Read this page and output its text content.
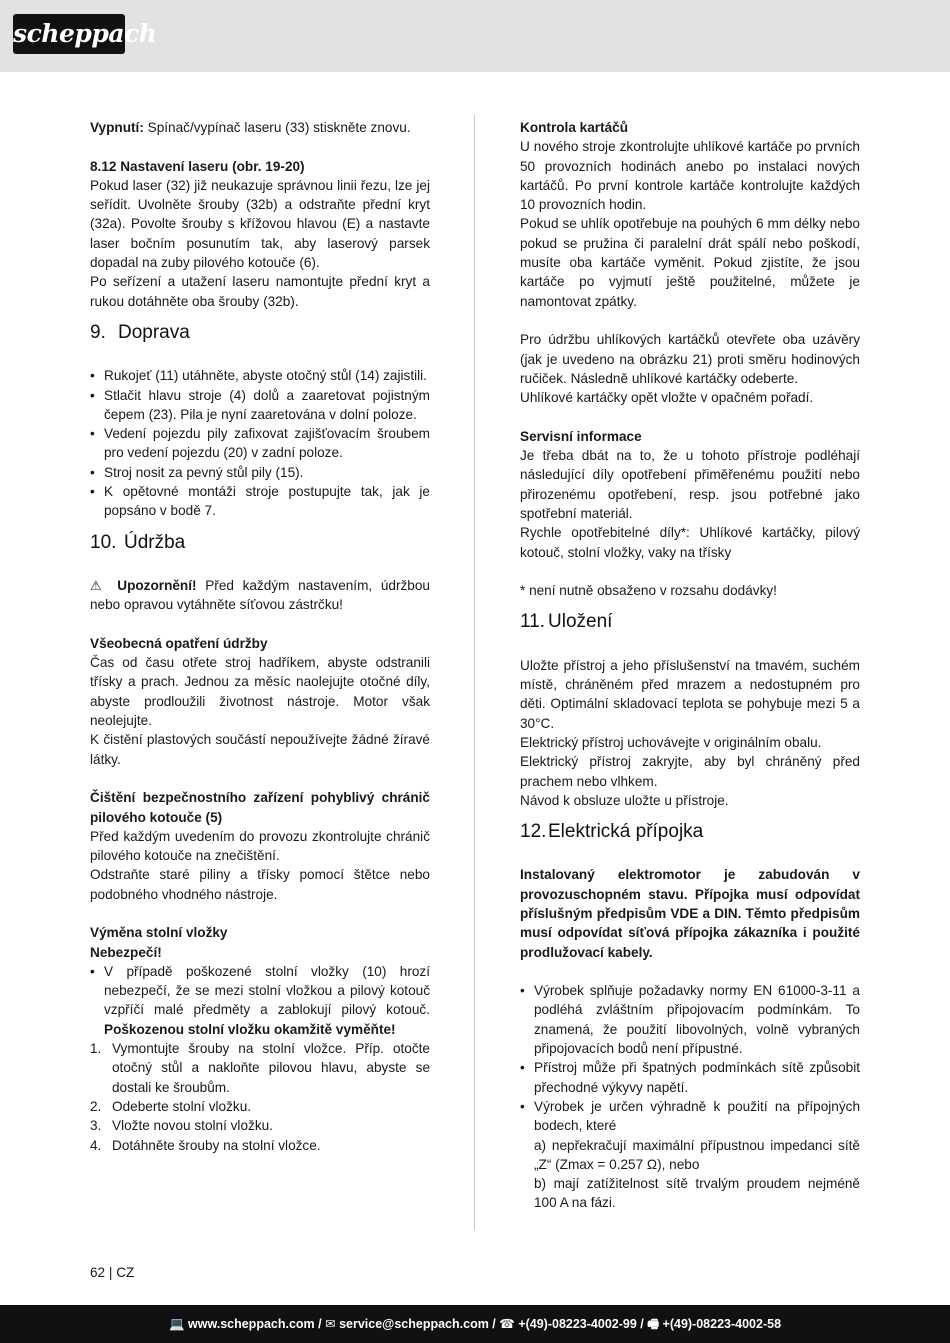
scheppach

Vypnutí: Spínač/vypínač laseru (33) stiskněte znovu.

8.12 Nastavení laseru (obr. 19-20)

Pokud laser (32) již neukazuje správnou linii řezu, lze jej seřídit. Uvolněte šrouby (32b) a odstraňte přední kryt (32a). Povolte šrouby s křížovou hlavou (E) a nastavte laser bočním posunutím tak, aby laserový parsek dopadal na zuby pilového kotouče (6).

Po seřízení a utažení laseru namontujte přední kryt a rukou dotáhněte oba šrouby (32b).

9. Doprava
• Rukojeť (11) utáhněte, abyste otočný stůl (14) zajistili.
• Stlačit hlavu stroje (4) dolů a zaaretovat pojistným čepem (23). Pila je nyní zaaretována v dolní poloze.
• Vedení pojezdu pily zafixovat zajišťovacím šroubem pro vedení pojezdu (20) v zadní poloze.
• Stroj nosit za pevný stůl pily (15).
• K opětovné montáži stroje postupujte tak, jak je popsáno v bodě 7.
10. Údržba

⚠ Upozornění! Před každým nastavením, údržbou nebo opravou vytáhněte síťovou zástrčku!

Všeobecná opatření údržby

Čas od času otřete stroj hadříkem, abyste odstranili třísky a prach. Jednou za měsíc naolejujte otočné díly, abyste prodloužili životnost nástroje. Motor však neolejujte.

K čistění plastových součástí nepoužívejte žádné žíravé látky.

Čištění bezpečnostního zařízení pohyblivý chránič pilového kotouče (5)

Před každým uvedením do provozu zkontrolujte chránič pilového kotouče na znečištění.

Odstraňte staré piliny a třísky pomocí štětce nebo podobného vhodného nástroje.

Výměna stolní vložky

Nebezpečí!

• V případě poškozené stolní vložky (10) hrozí nebezpečí, že se mezi stolní vložkou a pilový kotouč vzpříčí malé předměty a zablokují pilový kotouč. Poškozenou stolní vložku okamžitě vyměňte!
1. Vymontujte šrouby na stolní vložce. Příp. otočte otočný stůl a nakloňte pilovou hlavu, abyste se dostali ke šroubům.
2. Odeberte stolní vložku.
3. Vložte novou stolní vložku.
4. Dotáhněte šrouby na stolní vložce.

Kontrola kartáčů

U nového stroje zkontrolujte uhlíkové kartáče po prvních 50 provozních hodinách anebo po instalaci nových kartáčů. Po první kontrole kartáče kontrolujte každých 10 provozních hodin.

Pokud se uhlík opotřebuje na pouhých 6 mm délky nebo pokud se pružina či paralelní drát spálí nebo poškodí, musíte oba kartáče vyměnit. Pokud zjistíte, že jsou kartáče po vyjmutí ještě použitelné, můžete je namontovat zpátky.

Pro údržbu uhlíkových kartáčků otevřete oba uzávěry (jak je uvedeno na obrázku 21) proti směru hodinových ručiček. Následně uhlíkové kartáčky odeberte.

Uhlíkové kartáčky opět vložte v opačném pořadí.

Servisní informace

Je třeba dbát na to, že u tohoto přístroje podléhají následující díly opotřebení přiměřenému použití nebo přirozenému opotřebení, resp. jsou potřebné jako spotřební materiál.

Rychle opotřebitelné díly*: Uhlíkové kartáčky, pilový kotouč, stolní vložky, vaky na třísky

* není nutně obsaženo v rozsahu dodávky!

11. Uložení

Uložte přístroj a jeho příslušenství na tmavém, suchém místě, chráněném před mrazem a nedostupném pro děti. Optimální skladovací teplota se pohybuje mezi 5 a 30°C.

Elektrický přístroj uchovávejte v originálním obalu.

Elektrický přístroj zakryjte, aby byl chráněný před prachem nebo vlhkem.

Návod k obsluze uložte u přístroje.

12.Elektrická přípojka

Instalovaný elektromotor je zabudován v provozuschopném stavu. Přípojka musí odpovídat příslušným předpisům VDE a DIN. Těmto předpisům musí odpovídat síťová přípojka zákazníka i použité prodlužovací kabely.

• Výrobek splňuje požadavky normy EN 61000-3-11 a podléhá zvláštním připojovacím podmínkám. To znamená, že použití libovolných, volně vybraných připojovacích bodů není přípustné.
• Přístroj může při špatných podmínkách sítě způsobit přechodné výkyvy napětí.
• Výrobek je určen výhradně k použití na přípojných bodech, které
a) nepřekračují maximální přípustnou impedanci sítě „Z“ (Zmax = 0.257 Ω), nebo
b) mají zatížitelnost sítě trvalým proudem nejméně 100 A na fázi.
62 | CZ
💻 www.scheppach.com / ✉ service@scheppach.com / ☎ +(49)-08223-4002-99 / 🖷 +(49)-08223-4002-58
